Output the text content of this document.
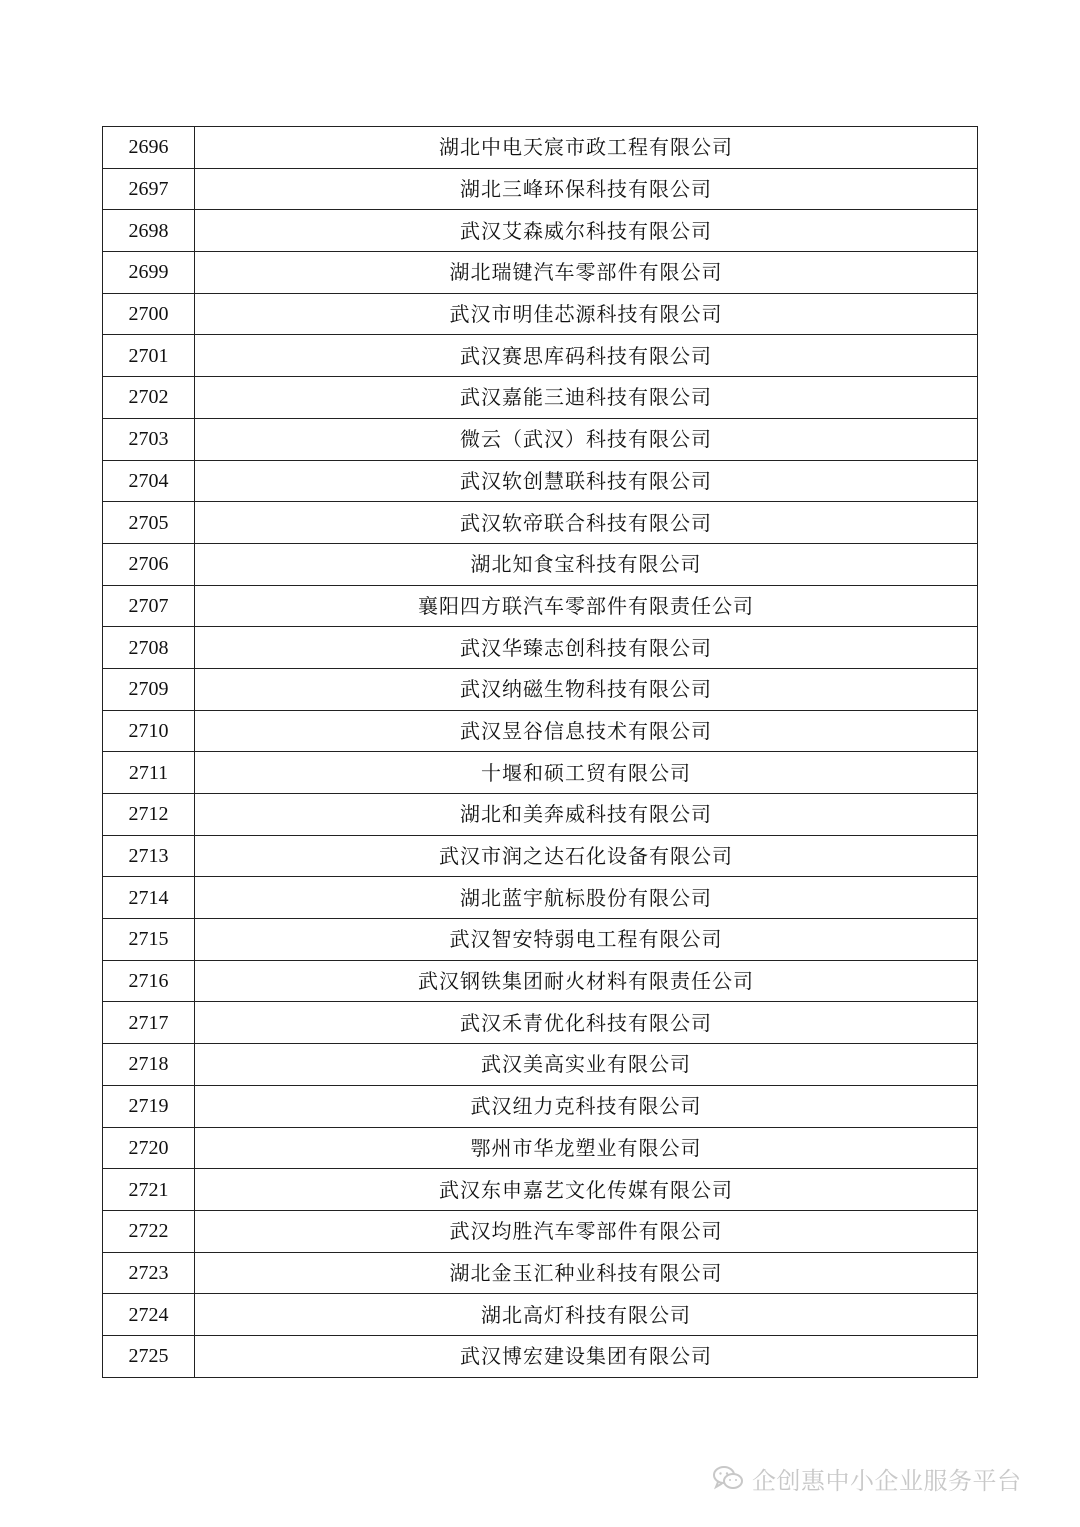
2696	湖北中电天宸市政工程有限公司
2697	湖北三峰环保科技有限公司
2698	武汉艾森威尔科技有限公司
2699	湖北瑞键汽车零部件有限公司
2700	武汉市明佳芯源科技有限公司
2701	武汉赛思库码科技有限公司
2702	武汉嘉能三迪科技有限公司
2703	微云（武汉）科技有限公司
2704	武汉软创慧联科技有限公司
2705	武汉软帝联合科技有限公司
2706	湖北知食宝科技有限公司
2707	襄阳四方联汽车零部件有限责任公司
2708	武汉华臻志创科技有限公司
2709	武汉纳磁生物科技有限公司
2710	武汉昱谷信息技术有限公司
2711	十堰和硕工贸有限公司
2712	湖北和美奔威科技有限公司
2713	武汉市润之达石化设备有限公司
2714	湖北蓝宇航标股份有限公司
2715	武汉智安特弱电工程有限公司
2716	武汉钢铁集团耐火材料有限责任公司
2717	武汉禾青优化科技有限公司
2718	武汉美高实业有限公司
2719	武汉纽力克科技有限公司
2720	鄂州市华龙塑业有限公司
2721	武汉东申嘉艺文化传媒有限公司
2722	武汉均胜汽车零部件有限公司
2723	湖北金玉汇种业科技有限公司
2724	湖北高灯科技有限公司
2725	武汉博宏建设集团有限公司
企创惠中小企业服务平台
